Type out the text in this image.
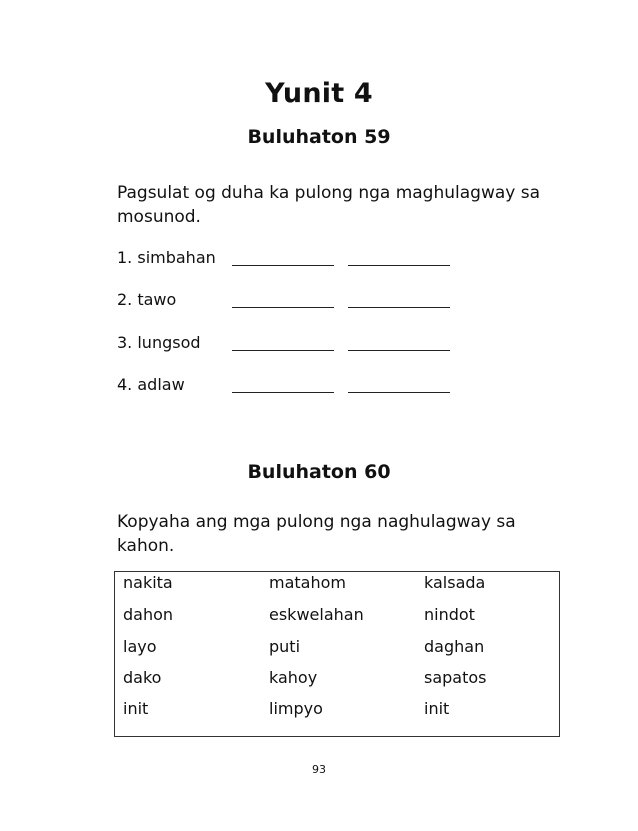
Yunit 4
Buluhaton 59
Pagsulat og duha ka pulong nga maghulagway sa mosunod.
1. simbahan
2. tawo
3. lungsod
4. adlaw
Buluhaton 60
Kopyaha ang mga pulong nga naghulagway sa kahon.
nakita	matahom	kalsada
dahon	eskwelahan	nindot
layo	puti	daghan
dako	kahoy	sapatos
init	limpyo	init
93
